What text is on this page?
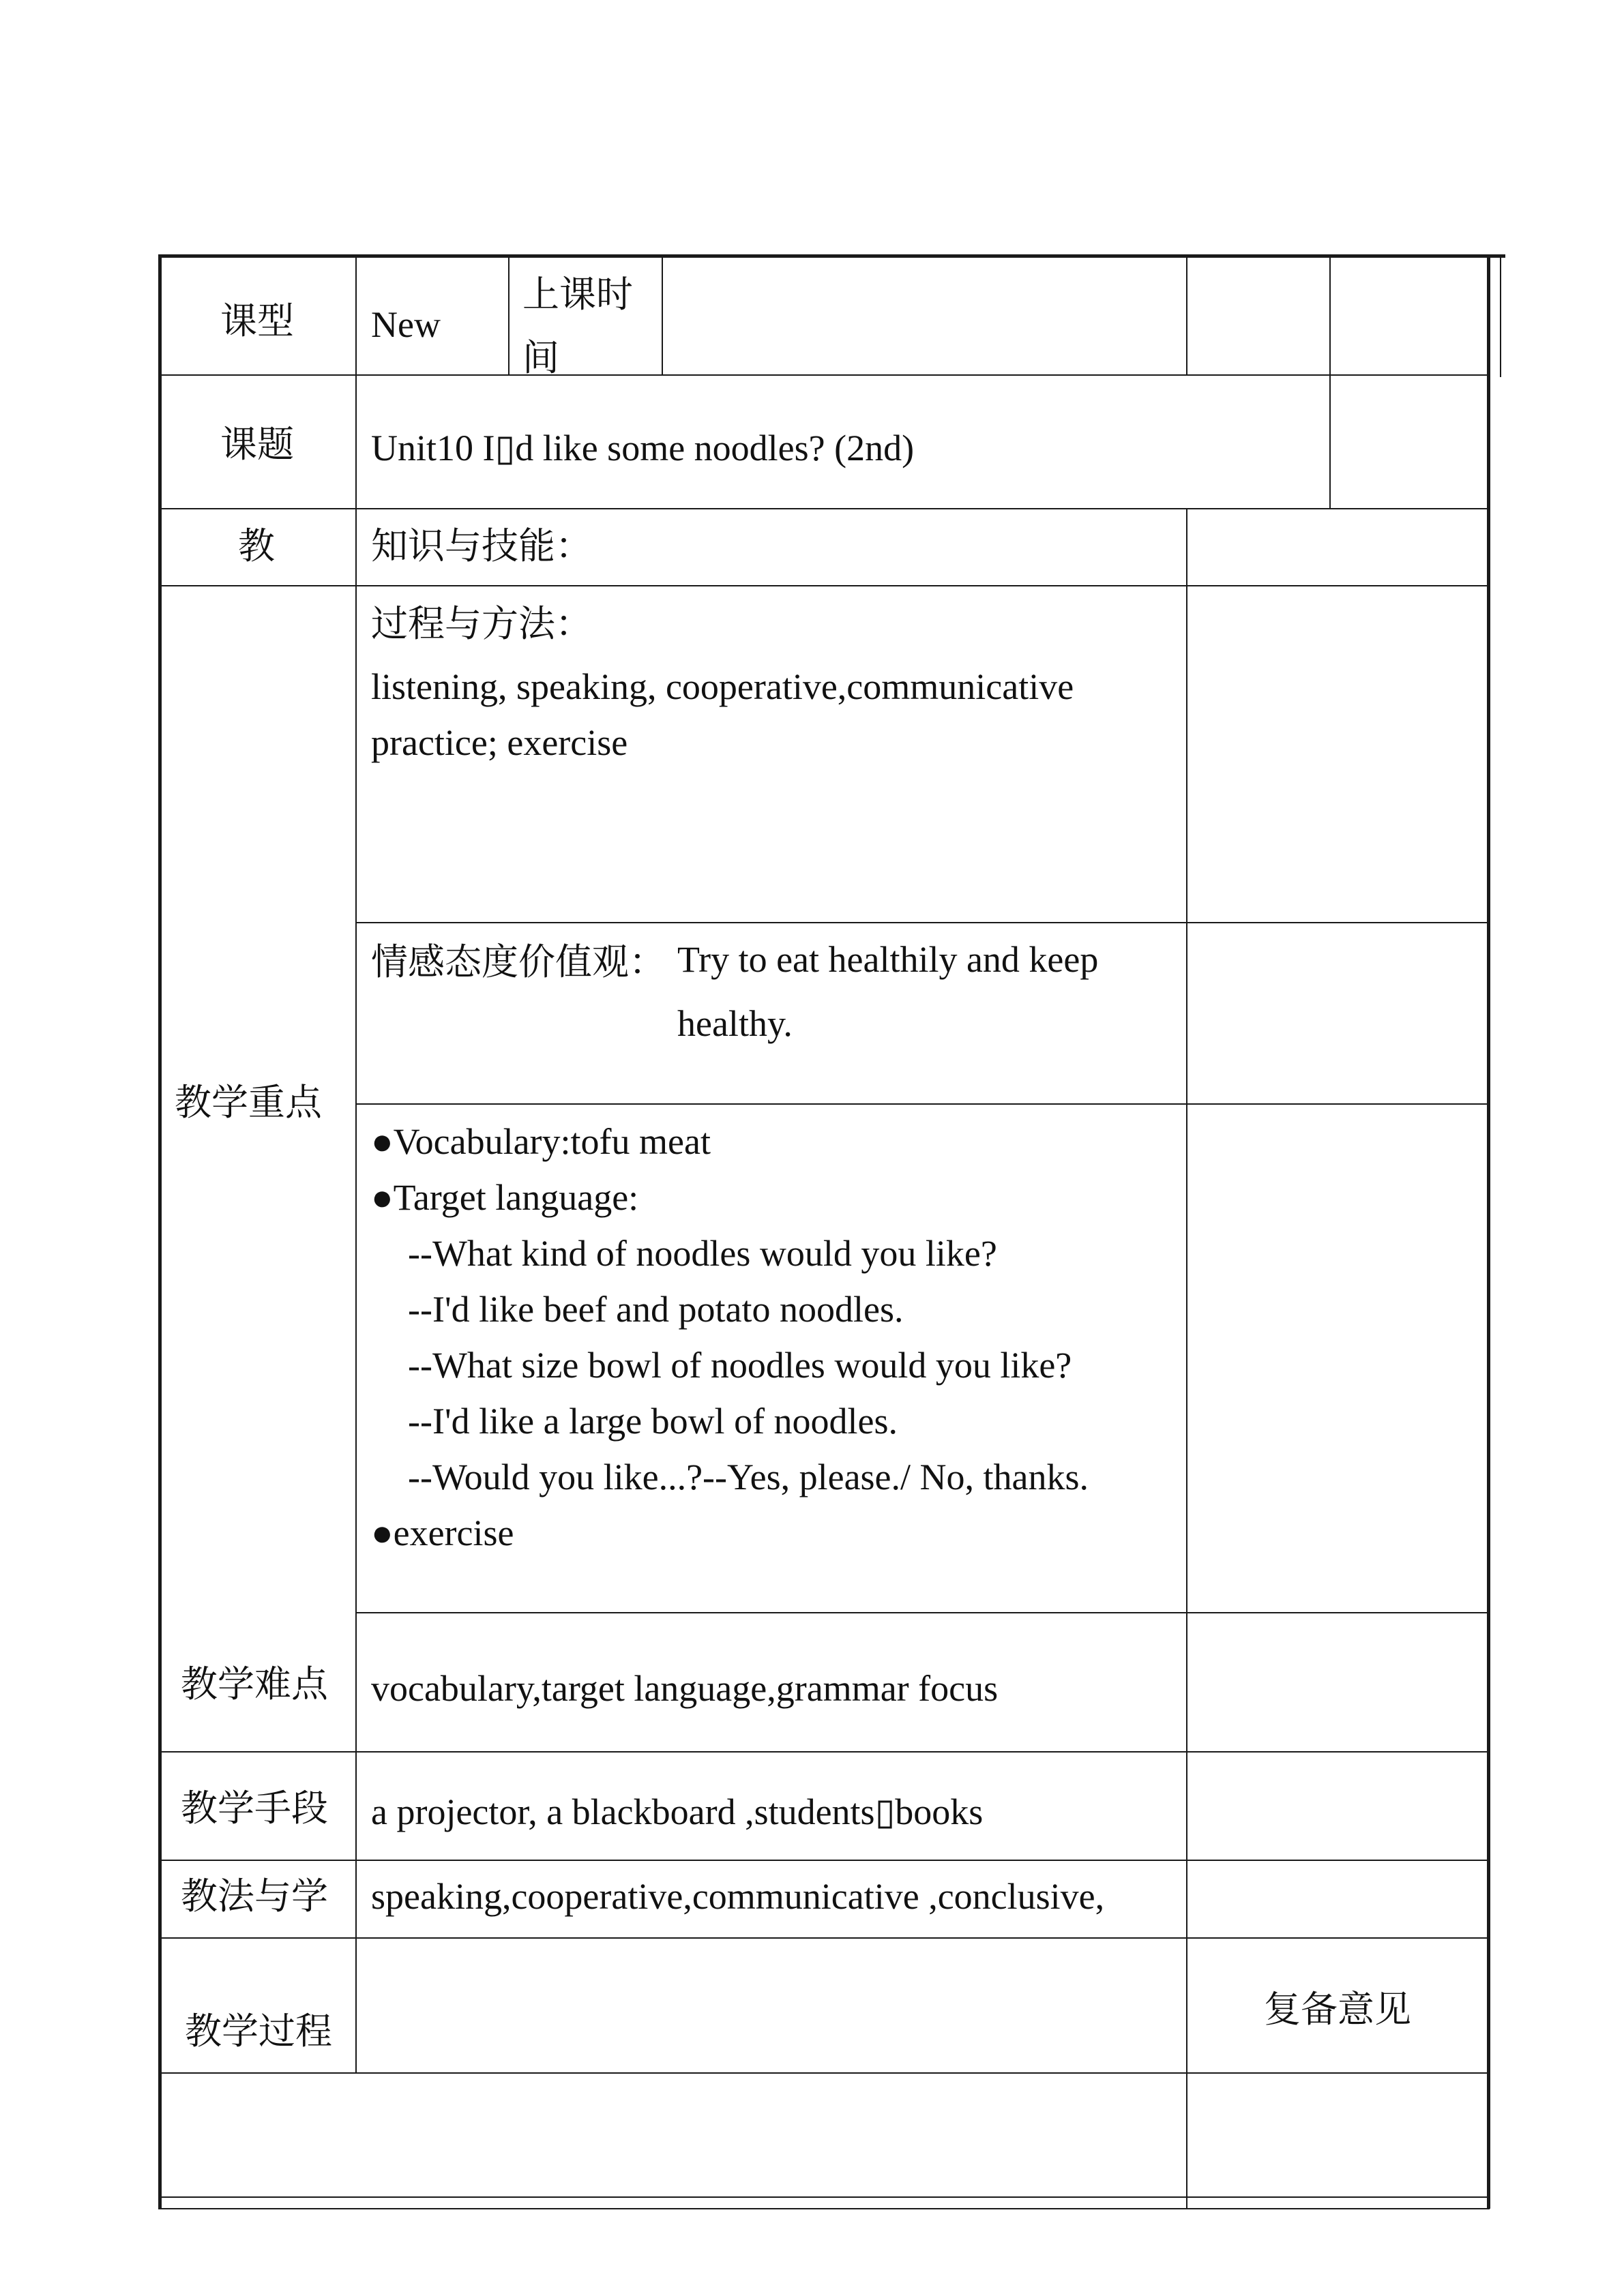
课型 New
上课时
间
课题 Unit10 I▯d like some noodles? (2nd)
教	知识与技能：
过程与方法：
listening, speaking, cooperative,communicative
practice; exercise
情感态度价值观： Try to eat healthily and keep
healthy.
教学重点
●Vocabulary:tofu meat
●Target language:
--What kind of noodles would you like?
--I'd like beef and potato noodles.
--What size bowl of noodles would you like?
--I'd like a large bowl of noodles.
--Would you like...?--Yes, please./ No, thanks.
●exercise
教学难点 vocabulary,target language,grammar focus
教学手段 a projector, a blackboard ,students▯books
教法与学 speaking,cooperative,communicative ,conclusive,
教学过程
复备意见
